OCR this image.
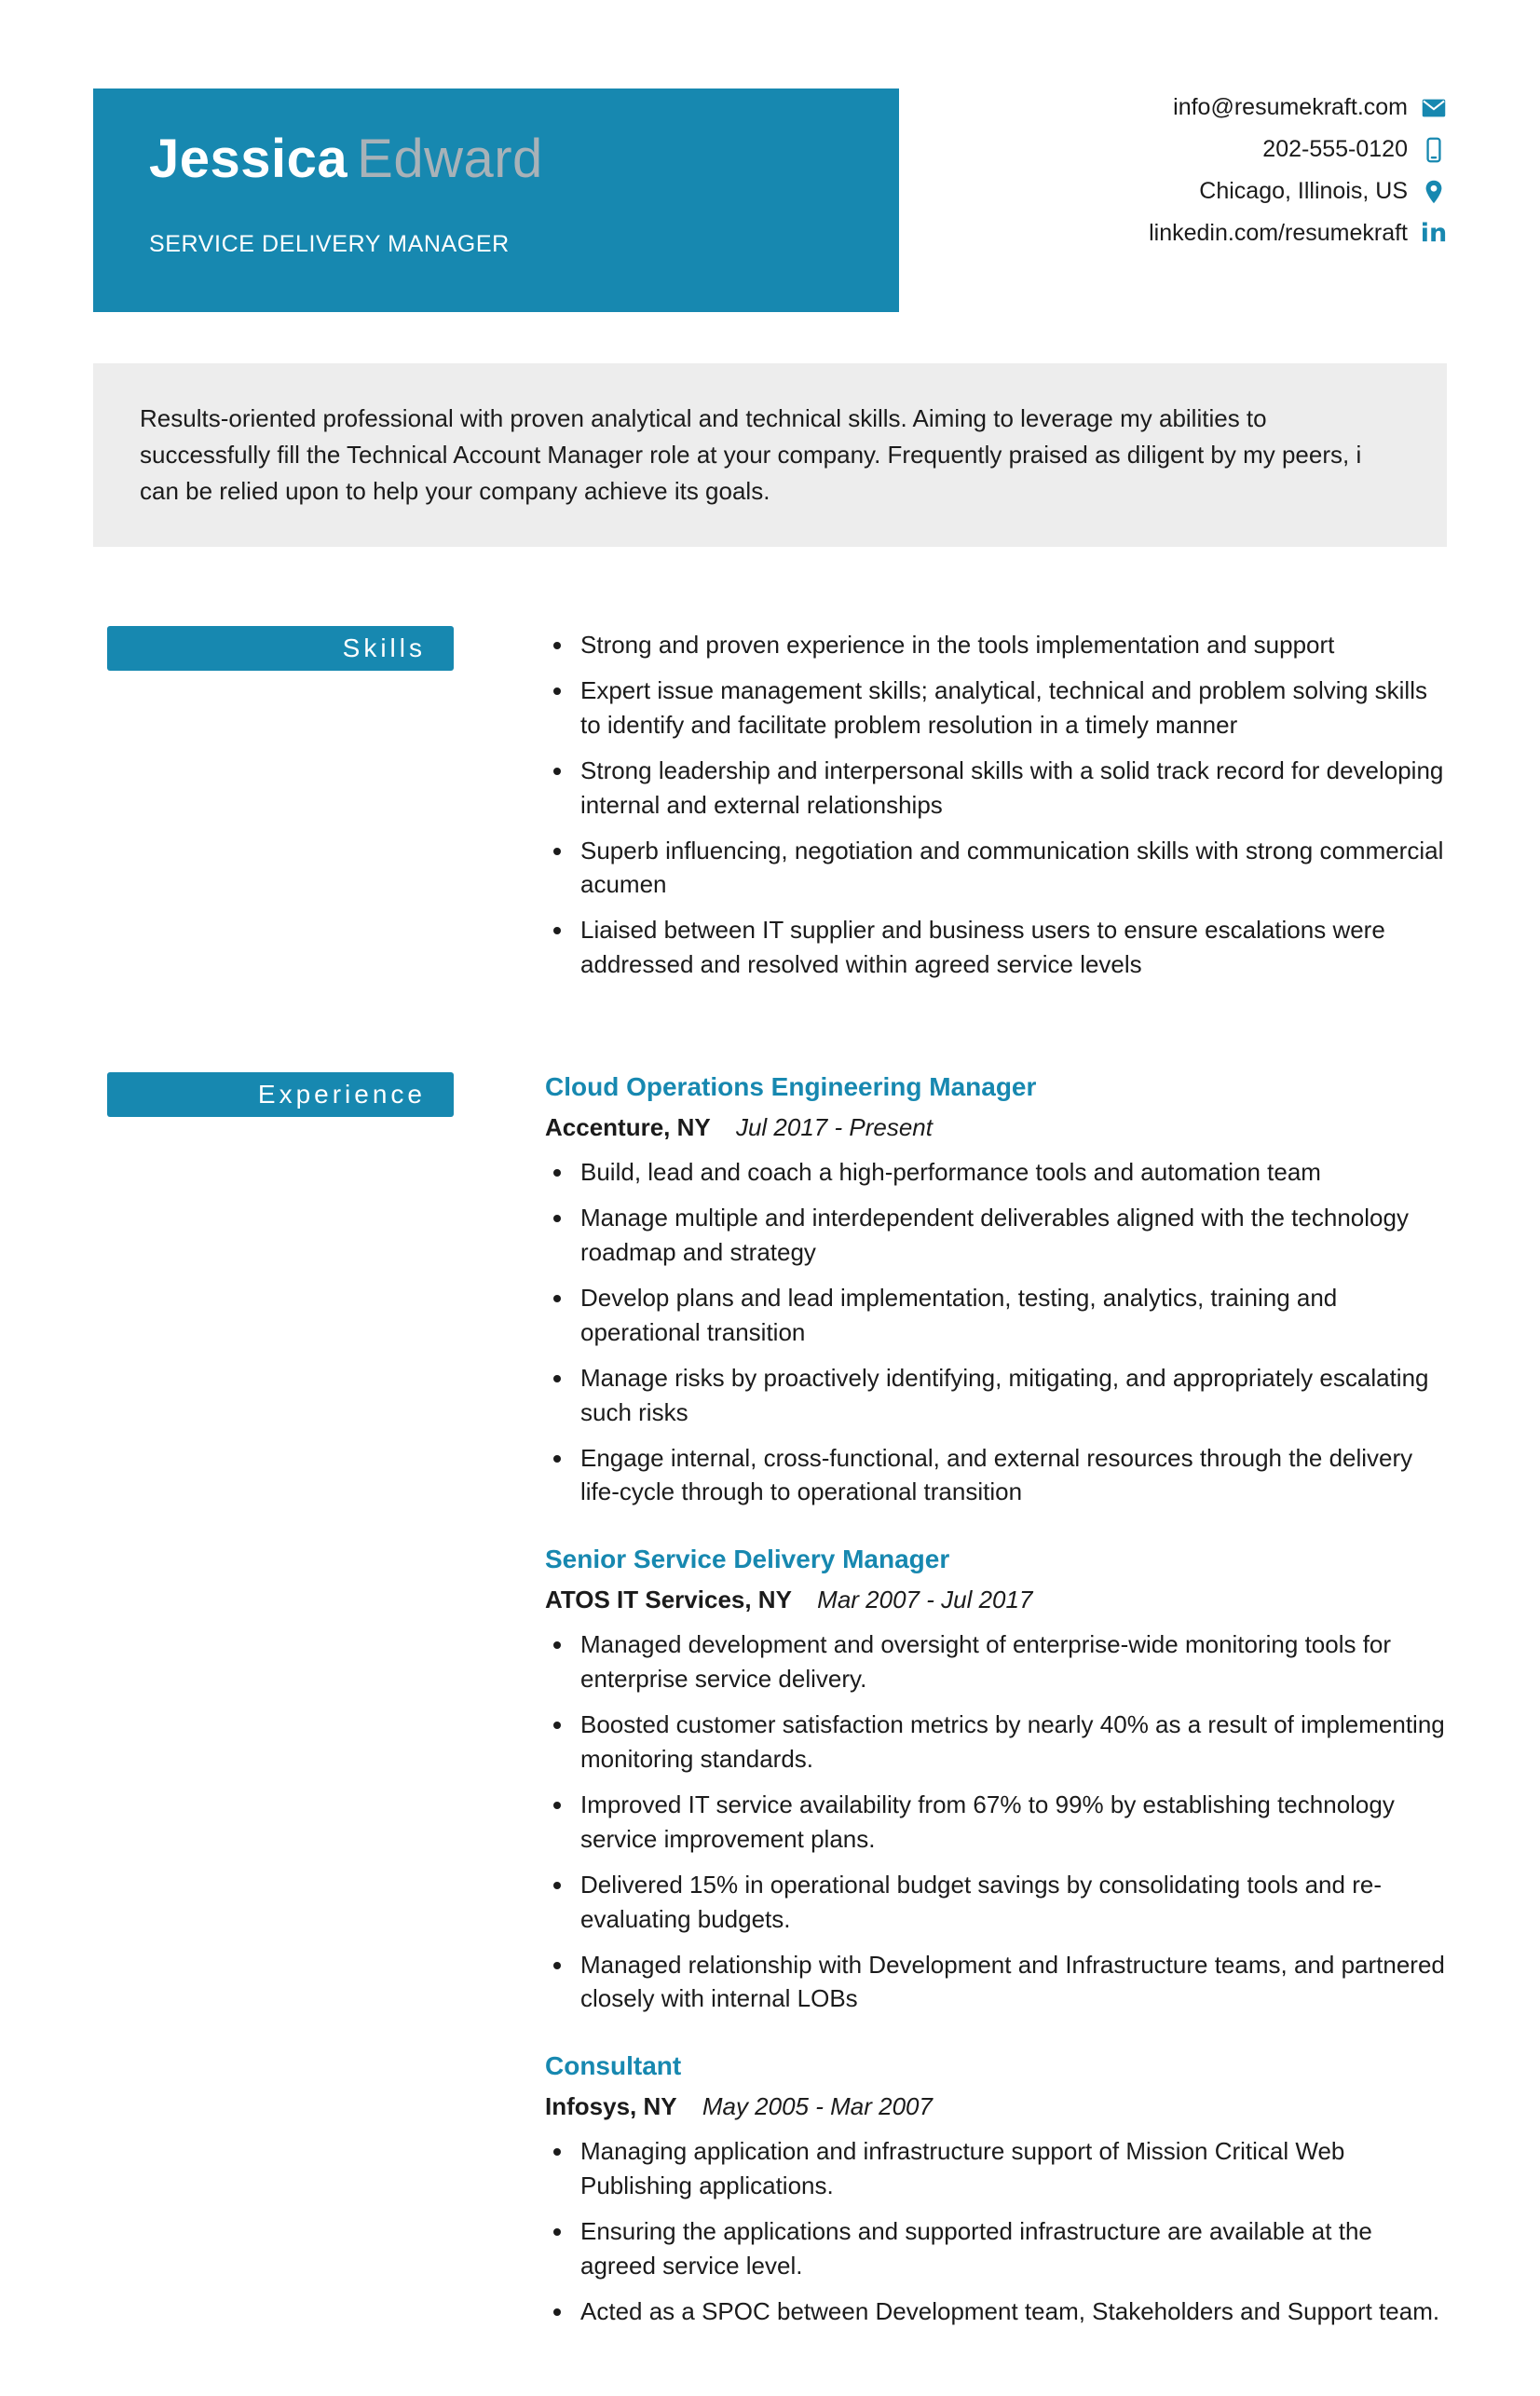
Jessica Edward
SERVICE DELIVERY MANAGER
info@resumekraft.com
202-555-0120
Chicago, Illinois, US
linkedin.com/resumekraft in
Results-oriented professional with proven analytical and technical skills. Aiming to leverage my abilities to successfully fill the Technical Account Manager role at your company. Frequently praised as diligent by my peers, i can be relied upon to help your company achieve its goals.
Skills	• Strong and proven experience in the tools implementation and support
• Expert issue management skills; analytical, technical and problem solving skills to identify and facilitate problem resolution in a timely manner
• Strong leadership and interpersonal skills with a solid track record for developing internal and external relationships
• Superb influencing, negotiation and communication skills with strong commercial acumen
• Liaised between IT supplier and business users to ensure escalations were addressed and resolved within agreed service levels
Experience	Cloud Operations Engineering Manager
Accenture, NY Jul 2017 - Present
• Build, lead and coach a high-performance tools and automation team
• Manage multiple and interdependent deliverables aligned with the technology roadmap and strategy
• Develop plans and lead implementation, testing, analytics, training and operational transition
• Manage risks by proactively identifying, mitigating, and appropriately escalating such risks
• Engage internal, cross-functional, and external resources through the delivery life-cycle through to operational transition
Senior Service Delivery Manager
ATOS IT Services, NY Mar 2007 - Jul 2017
• Managed development and oversight of enterprise-wide monitoring tools for enterprise service delivery.
• Boosted customer satisfaction metrics by nearly 40% as a result of implementing monitoring standards.
• Improved IT service availability from 67% to 99% by establishing technology service improvement plans.
• Delivered 15% in operational budget savings by consolidating tools and re-evaluating budgets.
• Managed relationship with Development and Infrastructure teams, and partnered closely with internal LOBs
Consultant
Infosys, NY May 2005 - Mar 2007
• Managing application and infrastructure support of Mission Critical Web Publishing applications.
• Ensuring the applications and supported infrastructure are available at the agreed service level.
• Acted as a SPOC between Development team, Stakeholders and Support team.
